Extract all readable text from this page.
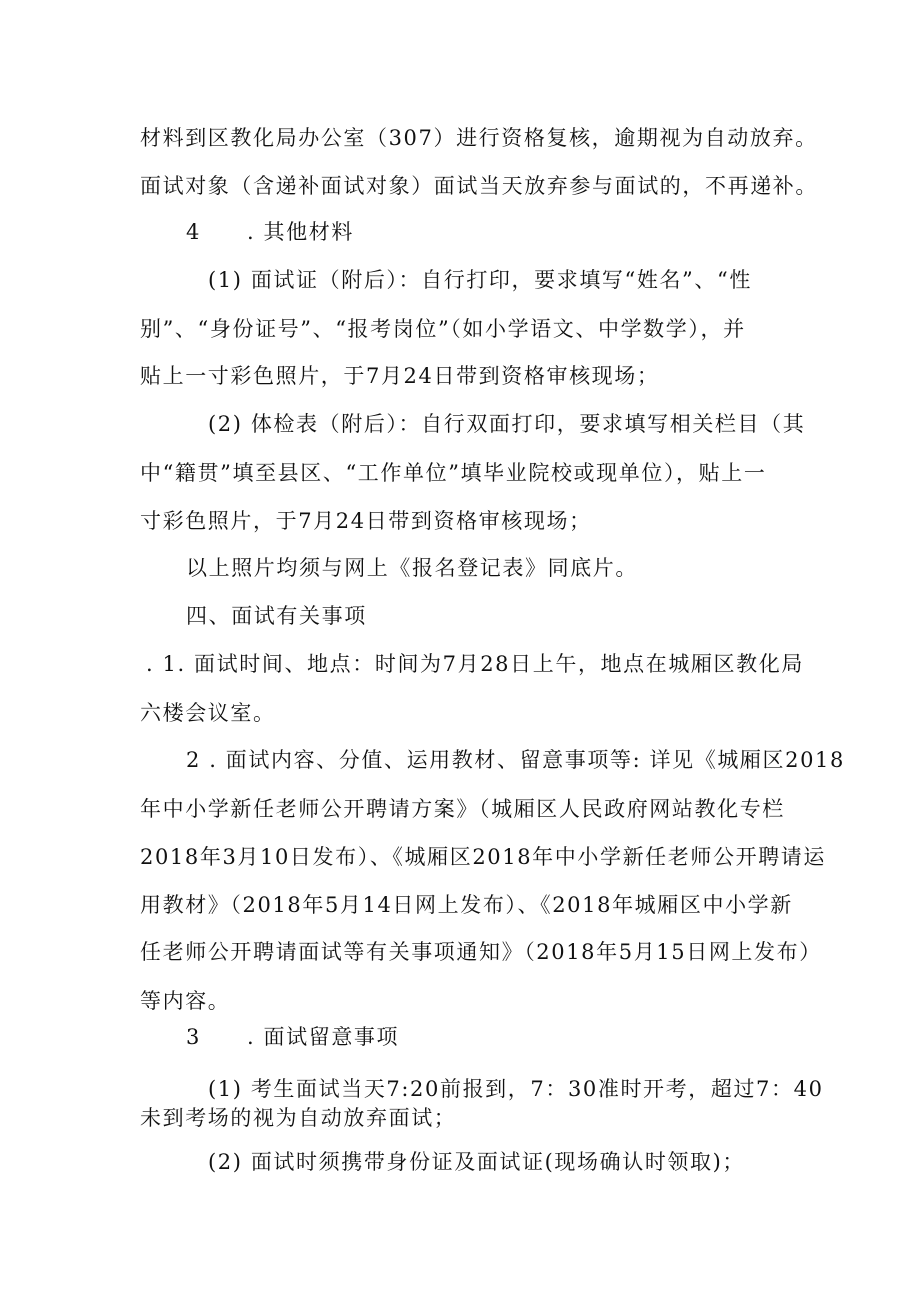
材料到区教化局办公室（307）进行资格复核，逾期视为自动放弃。
面试对象（含递补面试对象）面试当天放弃参与面试的，不再递补。
4 . 其他材料
(1) 面试证（附后）：自行打印，要求填写“姓名”、“性
别”、“身份证号”、“报考岗位”（如小学语文、中学数学），并
贴上一寸彩色照片，于7月24日带到资格审核现场；
(2) 体检表（附后）：自行双面打印，要求填写相关栏目（其
中“籍贯”填至县区、“工作单位”填毕业院校或现单位），贴上一
寸彩色照片，于7月24日带到资格审核现场；
以上照片均须与网上《报名登记表》同底片。
四、面试有关事项
. 1. 面试时间、地点：时间为7月28日上午，地点在城厢区教化局
六楼会议室。
2 . 面试内容、分值、运用教材、留意事项等: 详见《城厢区2018
年中小学新任老师公开聘请方案》（城厢区人民政府网站教化专栏
2018年3月10日发布）、《城厢区2018年中小学新任老师公开聘请运
用教材》（2018年5月14日网上发布）、《2018年城厢区中小学新
任老师公开聘请面试等有关事项通知》（2018年5月15日网上发布）
等内容。
3 . 面试留意事项
(1) 考生面试当天7:20前报到，7：30准时开考，超过7：40
未到考场的视为自动放弃面试；
(2) 面试时须携带身份证及面试证(现场确认时领取)；
